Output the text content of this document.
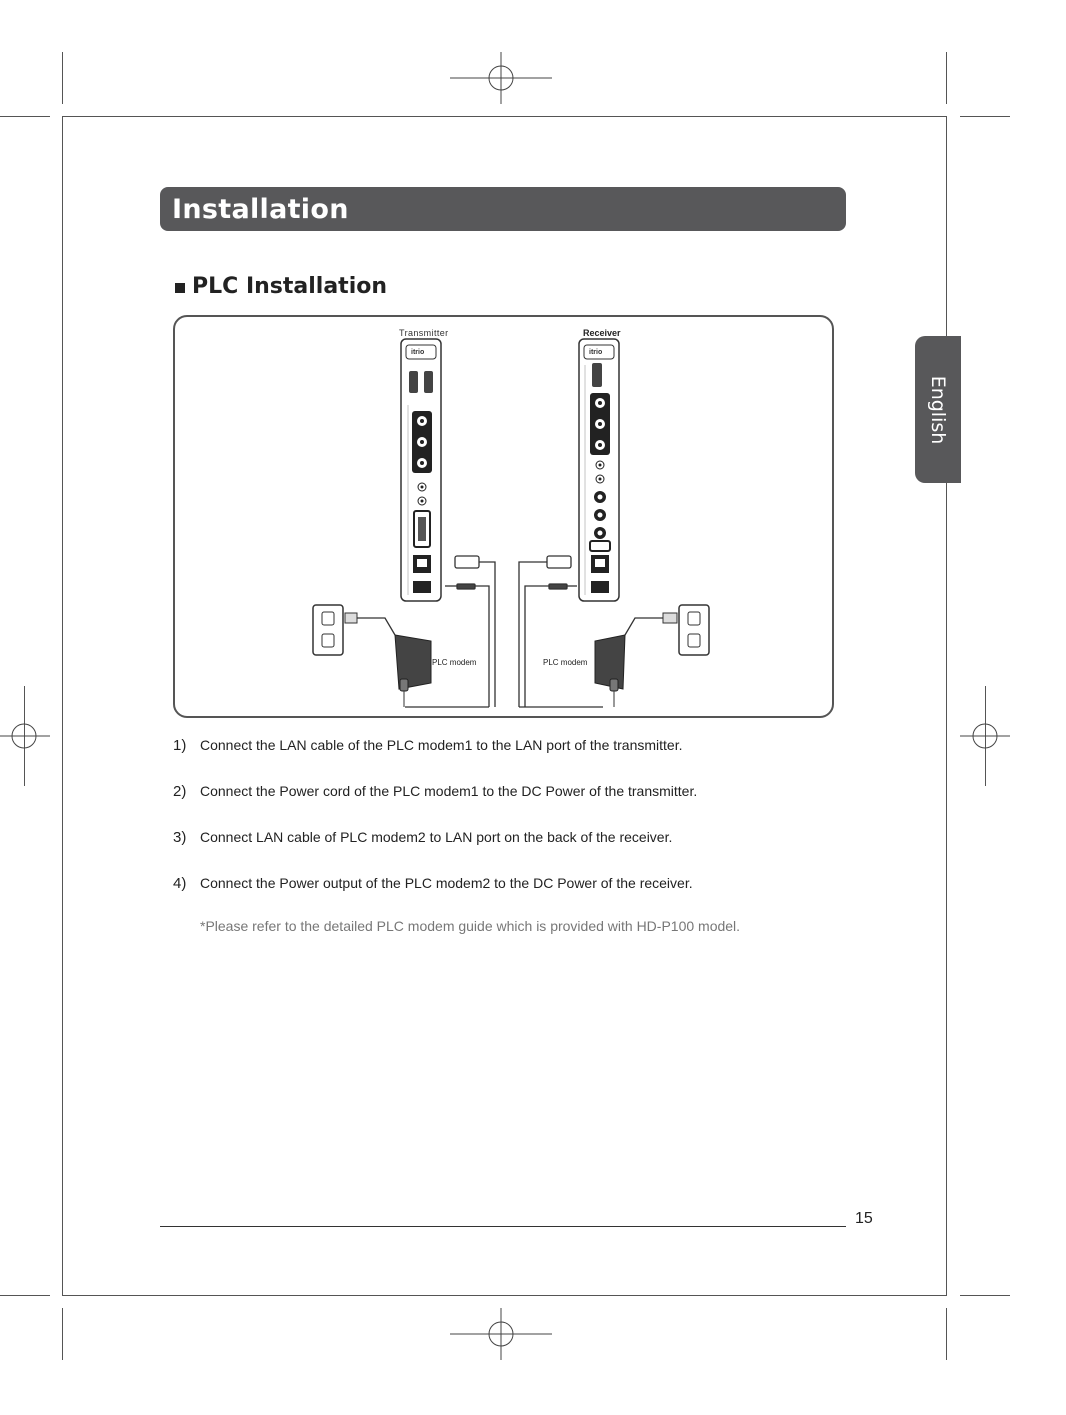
Installation
English
PLC Installation
Transmitter	Receiver
itrio	itrio
PLC modem	PLC modem
1) Connect the LAN cable of the PLC modem1 to the LAN port of the transmitter.
2) Connect the Power cord of the PLC modem1 to the DC Power of the transmitter.
3) Connect LAN cable of PLC modem2 to LAN port on the back of the receiver.
4) Connect the Power output of the PLC modem2 to the DC Power of the receiver.
*Please refer to the detailed PLC modem guide which is provided with HD-P100 model.
15
